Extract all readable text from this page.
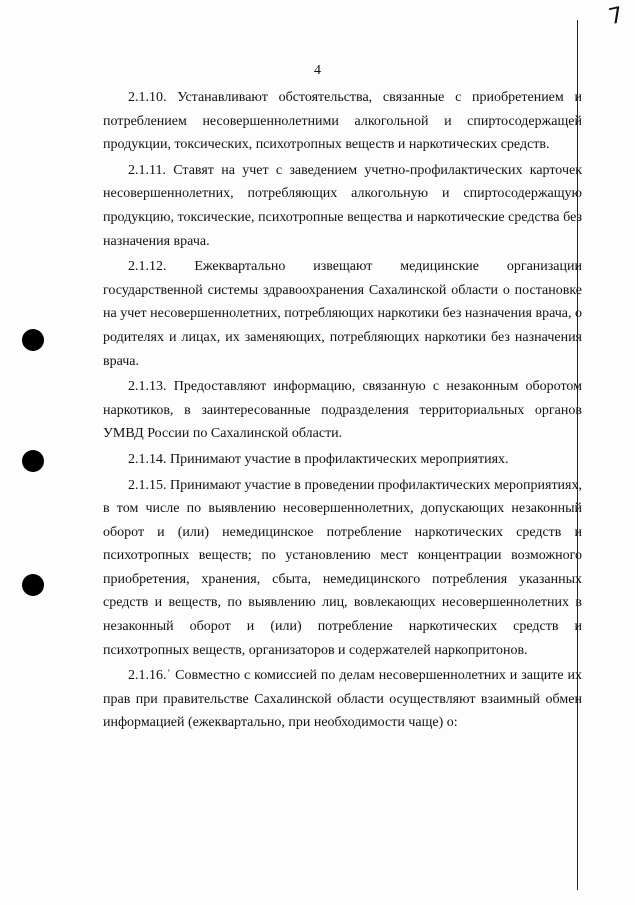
7
4

2.1.10. Устанавливают обстоятельства, связанные с приобретением и потреблением несовершеннолетними алкогольной и спиртосодержащей продукции, токсических, психотропных веществ и наркотических средств.

2.1.11. Ставят на учет с заведением учетно-профилактических карточек несовершеннолетних, потребляющих алкогольную и спиртосодержащую продукцию, токсические, психотропные вещества и наркотические средства без назначения врача.

2.1.12. Ежеквартально извещают медицинские организации государственной системы здравоохранения Сахалинской области о постановке на учет несовершеннолетних, потребляющих наркотики без назначения врача, о родителях и лицах, их заменяющих, потребляющих наркотики без назначения врача.

2.1.13. Предоставляют информацию, связанную с незаконным оборотом наркотиков, в заинтересованные подразделения территориальных органов УМВД России по Сахалинской области.

2.1.14. Принимают участие в профилактических мероприятиях.

2.1.15. Принимают участие в проведении профилактических мероприятиях, в том числе по выявлению несовершеннолетних, допускающих незаконный оборот и (или) немедицинское потребление наркотических средств и психотропных веществ; по установлению мест концентрации возможного приобретения, хранения, сбыта, немедицинского потребления указанных средств и веществ, по выявлению лиц, вовлекающих несовершеннолетних в незаконный оборот и (или) потребление наркотических средств и психотропных веществ, организаторов и содержателей наркопритонов.

2.1.16.ˈ Совместно с комиссией по делам несовершеннолетних и защите их прав при правительстве Сахалинской области осуществляют взаимный обмен информацией (ежеквартально, при необходимости чаще) о:
